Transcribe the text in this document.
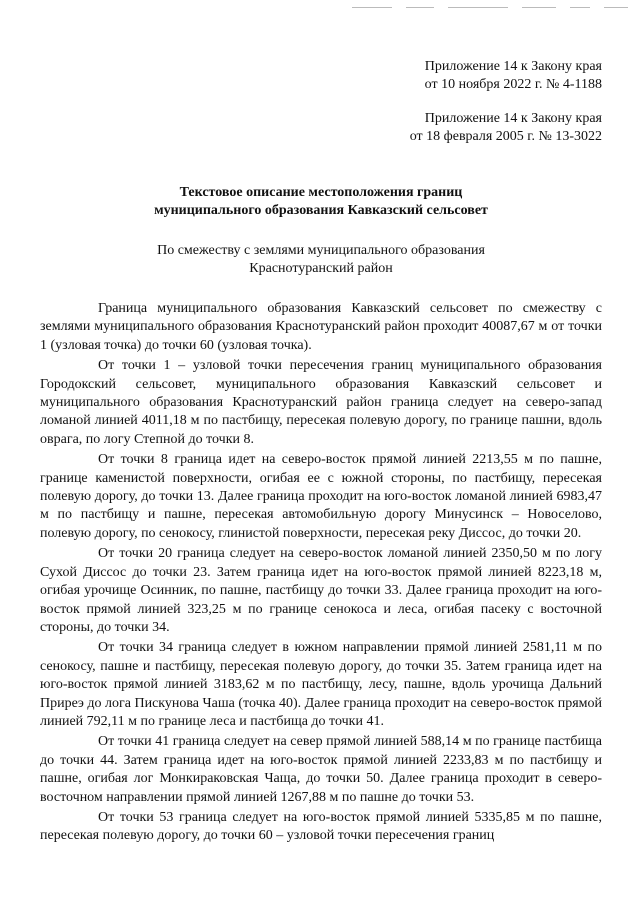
Приложение 14 к Закону края
от 10 ноября 2022 г. № 4-1188
Приложение 14 к Закону края
от 18 февраля 2005 г. № 13-3022
Текстовое описание местоположения границ
муниципального образования Кавказский сельсовет
По смежеству с землями муниципального образования
Краснотуранский район

Граница муниципального образования Кавказский сельсовет по смежеству с землями муниципального образования Краснотуранский район проходит 40087,67 м от точки 1 (узловая точка) до точки 60 (узловая точка).

От точки 1 – узловой точки пересечения границ муниципального образования Городокский сельсовет, муниципального образования Кавказский сельсовет и муниципального образования Краснотуранский район граница следует на северо-запад ломаной линией 4011,18 м по пастбищу, пересекая полевую дорогу, по границе пашни, вдоль оврага, по логу Степной до точки 8.

От точки 8 граница идет на северо-восток прямой линией 2213,55 м по пашне, границе каменистой поверхности, огибая ее с южной стороны, по пастбищу, пересекая полевую дорогу, до точки 13. Далее граница проходит на юго-восток ломаной линией 6983,47 м по пастбищу и пашне, пересекая автомобильную дорогу Минусинск – Новоселово, полевую дорогу, по сенокосу, глинистой поверхности, пересекая реку Диссос, до точки 20.

От точки 20 граница следует на северо-восток ломаной линией 2350,50 м по логу Сухой Диссос до точки 23. Затем граница идет на юго-восток прямой линией 8223,18 м, огибая урочище Осинник, по пашне, пастбищу до точки 33. Далее граница проходит на юго-восток прямой линией 323,25 м по границе сенокоса и леса, огибая пасеку с восточной стороны, до точки 34.

От точки 34 граница следует в южном направлении прямой линией 2581,11 м по сенокосу, пашне и пастбищу, пересекая полевую дорогу, до точки 35. Затем граница идет на юго-восток прямой линией 3183,62 м по пастбищу, лесу, пашне, вдоль урочища Дальний Приреэ до лога Пискунова Чаша (точка 40). Далее граница проходит на северо-восток прямой линией 792,11 м по границе леса и пастбища до точки 41.

От точки 41 граница следует на север прямой линией 588,14 м по границе пастбища до точки 44. Затем граница идет на юго-восток прямой линией 2233,83 м по пастбищу и пашне, огибая лог Монкираковская Чаща, до точки 50. Далее граница проходит в северо-восточном направлении прямой линией 1267,88 м по пашне до точки 53.

От точки 53 граница следует на юго-восток прямой линией 5335,85 м по пашне, пересекая полевую дорогу, до точки 60 – узловой точки пересечения границ
